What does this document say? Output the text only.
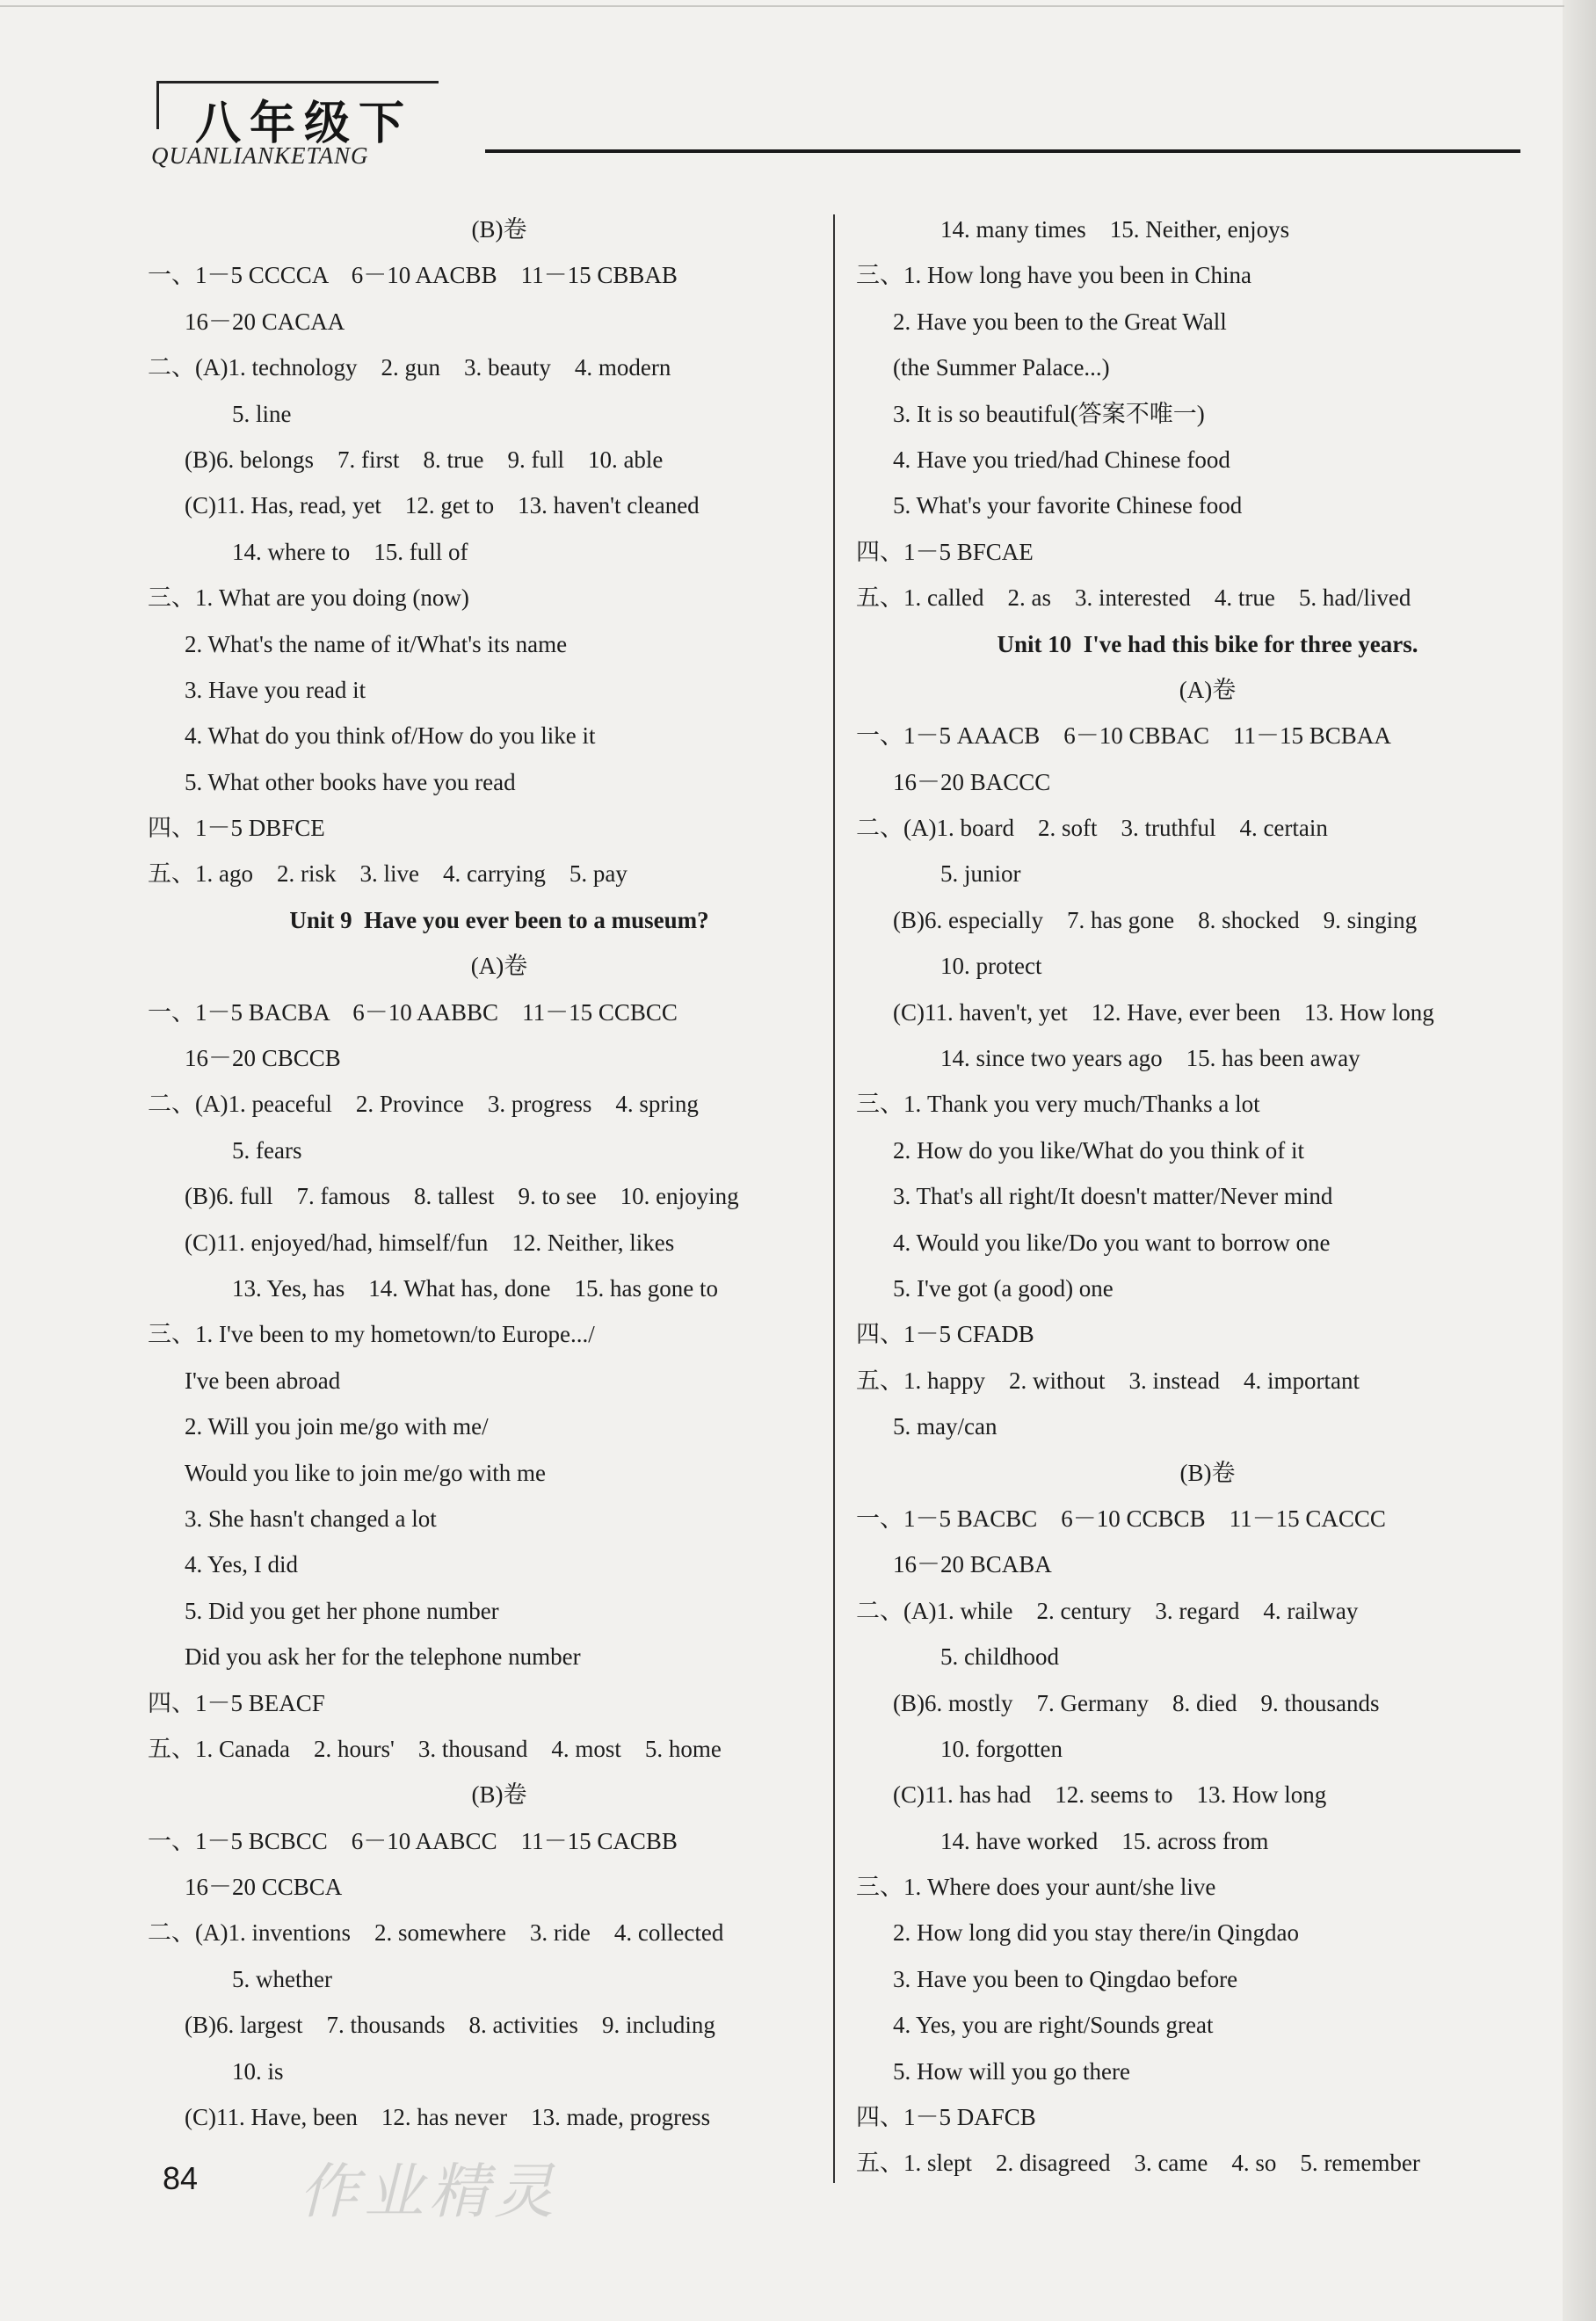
八年级下
QUANLIANKETANG
(B)卷
一、1－5 CCCCA　6－10 AACBB　11－15 CBBAB
16－20 CACAA
二、(A)1. technology　2. gun　3. beauty　4. modern
5. line
(B)6. belongs　7. first　8. true　9. full　10. able
(C)11. Has, read, yet　12. get to　13. haven't cleaned
14. where to　15. full of
三、1. What are you doing (now)
2. What's the name of it/What's its name
3. Have you read it
4. What do you think of/How do you like it
5. What other books have you read
四、1－5 DBFCE
五、1. ago　2. risk　3. live　4. carrying　5. pay
Unit 9  Have you ever been to a museum?
(A)卷
一、1－5 BACBA　6－10 AABBC　11－15 CCBCC
16－20 CBCCB
二、(A)1. peaceful　2. Province　3. progress　4. spring
5. fears
(B)6. full　7. famous　8. tallest　9. to see　10. enjoying
(C)11. enjoyed/had, himself/fun　12. Neither, likes
13. Yes, has　14. What has, done　15. has gone to
三、1. I've been to my hometown/to Europe.../
I've been abroad
2. Will you join me/go with me/
Would you like to join me/go with me
3. She hasn't changed a lot
4. Yes, I did
5. Did you get her phone number
Did you ask her for the telephone number
四、1－5 BEACF
五、1. Canada　2. hours'　3. thousand　4. most　5. home
(B)卷
一、1－5 BCBCC　6－10 AABCC　11－15 CACBB
16－20 CCBCA
二、(A)1. inventions　2. somewhere　3. ride　4. collected
5. whether
(B)6. largest　7. thousands　8. activities　9. including
10. is
(C)11. Have, been　12. has never　13. made, progress
14. many times　15. Neither, enjoys
三、1. How long have you been in China
2. Have you been to the Great Wall
(the Summer Palace...)
3. It is so beautiful(答案不唯一)
4. Have you tried/had Chinese food
5. What's your favorite Chinese food
四、1－5 BFCAE
五、1. called　2. as　3. interested　4. true　5. had/lived
Unit 10  I've had this bike for three years.
(A)卷
一、1－5 AAACB　6－10 CBBAC　11－15 BCBAA
16－20 BACCC
二、(A)1. board　2. soft　3. truthful　4. certain
5. junior
(B)6. especially　7. has gone　8. shocked　9. singing
10. protect
(C)11. haven't, yet　12. Have, ever been　13. How long
14. since two years ago　15. has been away
三、1. Thank you very much/Thanks a lot
2. How do you like/What do you think of it
3. That's all right/It doesn't matter/Never mind
4. Would you like/Do you want to borrow one
5. I've got (a good) one
四、1－5 CFADB
五、1. happy　2. without　3. instead　4. important
5. may/can
(B)卷
一、1－5 BACBC　6－10 CCBCB　11－15 CACCC
16－20 BCABA
二、(A)1. while　2. century　3. regard　4. railway
5. childhood
(B)6. mostly　7. Germany　8. died　9. thousands
10. forgotten
(C)11. has had　12. seems to　13. How long
14. have worked　15. across from
三、1. Where does your aunt/she live
2. How long did you stay there/in Qingdao
3. Have you been to Qingdao before
4. Yes, you are right/Sounds great
5. How will you go there
四、1－5 DAFCB
五、1. slept　2. disagreed　3. came　4. so　5. remember
作业精灵
84
